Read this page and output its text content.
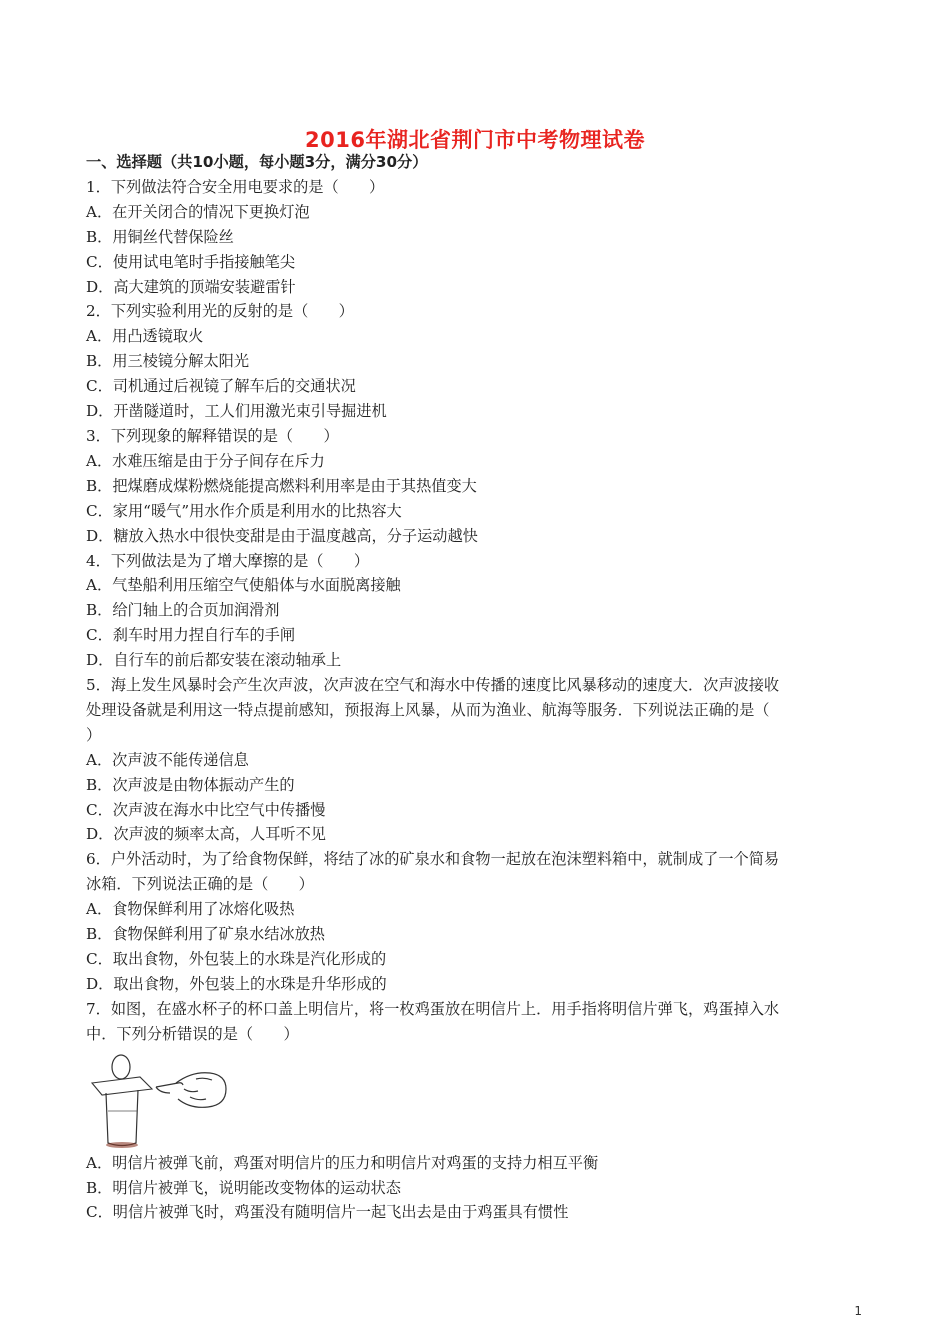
2016年湖北省荆门市中考物理试卷
一、选择题（共10小题，每小题3分，满分30分）
1．下列做法符合安全用电要求的是（　　）
A．在开关闭合的情况下更换灯泡
B．用铜丝代替保险丝
C．使用试电笔时手指接触笔尖
D．高大建筑的顶端安装避雷针
2．下列实验利用光的反射的是（　　）
A．用凸透镜取火
B．用三棱镜分解太阳光
C．司机通过后视镜了解车后的交通状况
D．开凿隧道时，工人们用激光束引导掘进机
3．下列现象的解释错误的是（　　）
A．水难压缩是由于分子间存在斥力
B．把煤磨成煤粉燃烧能提高燃料利用率是由于其热值变大
C．家用“暖气”用水作介质是利用水的比热容大
D．糖放入热水中很快变甜是由于温度越高，分子运动越快
4．下列做法是为了增大摩擦的是（　　）
A．气垫船利用压缩空气使船体与水面脱离接触
B．给门轴上的合页加润滑剂
C．刹车时用力捏自行车的手闸
D．自行车的前后都安装在滚动轴承上
5．海上发生风暴时会产生次声波，次声波在空气和海水中传播的速度比风暴移动的速度大．次声波接收
处理设备就是利用这一特点提前感知，预报海上风暴，从而为渔业、航海等服务．下列说法正确的是（
）
A．次声波不能传递信息
B．次声波是由物体振动产生的
C．次声波在海水中比空气中传播慢
D．次声波的频率太高，人耳听不见
6．户外活动时，为了给食物保鲜，将结了冰的矿泉水和食物一起放在泡沫塑料箱中，就制成了一个简易
冰箱．下列说法正确的是（　　）
A．食物保鲜利用了冰熔化吸热
B．食物保鲜利用了矿泉水结冰放热
C．取出食物，外包装上的水珠是汽化形成的
D．取出食物，外包装上的水珠是升华形成的
7．如图，在盛水杯子的杯口盖上明信片，将一枚鸡蛋放在明信片上．用手指将明信片弹飞，鸡蛋掉入水
中．下列分析错误的是（　　）
A．明信片被弹飞前，鸡蛋对明信片的压力和明信片对鸡蛋的支持力相互平衡
B．明信片被弹飞，说明能改变物体的运动状态
C．明信片被弹飞时，鸡蛋没有随明信片一起飞出去是由于鸡蛋具有惯性
1
